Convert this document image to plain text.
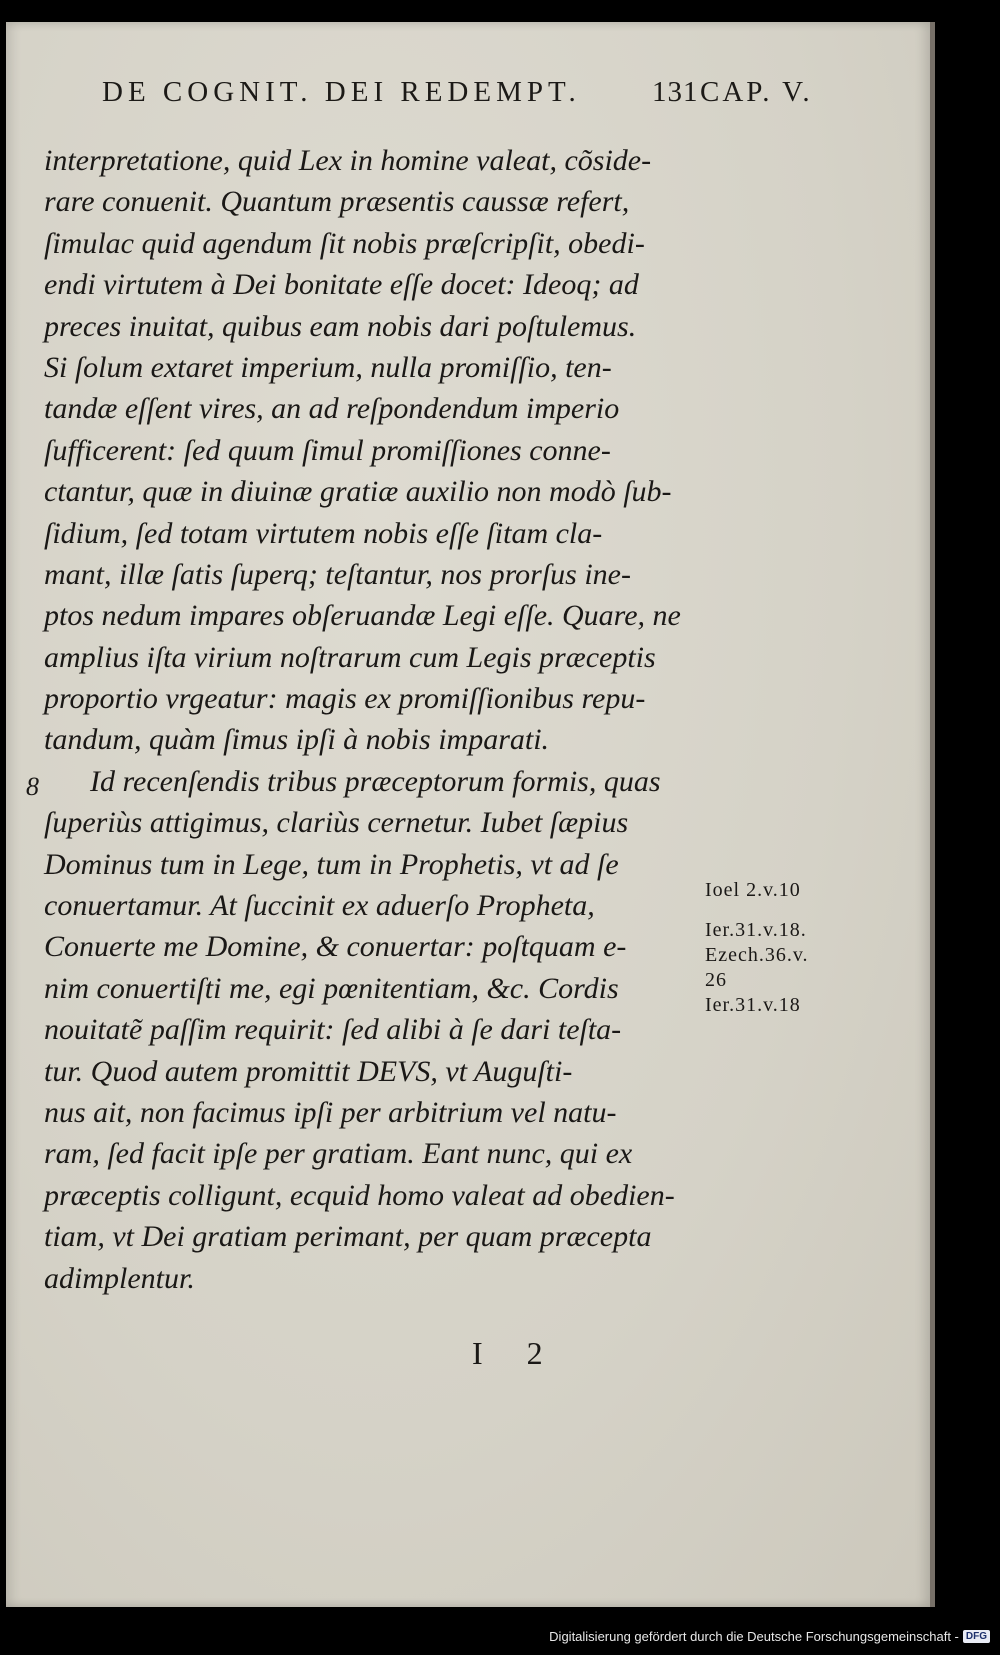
DE COGNIT. DEI REDEMPT. 131 CAP. V.
8
interpretatione, quid Lex in homine valeat, cõside-
rare conuenit. Quantum præsentis caussæ refert,
ſimulac quid agendum ſit nobis præſcripſit, obedi-
endi virtutem à Dei bonitate eſſe docet: Ideoq; ad
preces inuitat, quibus eam nobis dari poſtulemus.
Si ſolum extaret imperium, nulla promiſſio, ten-
tandæ eſſent vires, an ad reſpondendum imperio
ſufficerent: ſed quum ſimul promiſſiones conne-
ctantur, quæ in diuinæ gratiæ auxilio non modò ſub-
ſidium, ſed totam virtutem nobis eſſe ſitam cla-
mant, illæ ſatis ſuperq; teſtantur, nos prorſus ine-
ptos nedum impares obſeruandæ Legi eſſe. Quare, ne
amplius iſta virium noſtrarum cum Legis præceptis
proportio vrgeatur: magis ex promiſſionibus repu-
tandum, quàm ſimus ipſi à nobis imparati.
Id recenſendis tribus præceptorum formis, quas
ſuperiùs attigimus, clariùs cernetur. Iubet ſæpius
Dominus tum in Lege, tum in Prophetis, vt ad ſe
conuertamur. At ſuccinit ex aduerſo Propheta,
Conuerte me Domine, & conuertar: poſtquam e-
nim conuertiſti me, egi pœnitentiam, &c. Cordis
nouitatẽ paſſim requirit: ſed alibi à ſe dari teſta-
tur. Quod autem promittit DEVS, vt Auguſti-
nus ait, non facimus ipſi per arbitrium vel natu-
ram, ſed facit ipſe per gratiam. Eant nunc, qui ex
præceptis colligunt, ecquid homo valeat ad obedien-
tiam, vt Dei gratiam perimant, per quam præcepta
adimplentur.
Ioel 2.v.10
Ier.31.v.18.
Ezech.36.v.
26
Ier.31.v.18
I 2
Digitalisierung gefördert durch die Deutsche Forschungsgemeinschaft - DFG
